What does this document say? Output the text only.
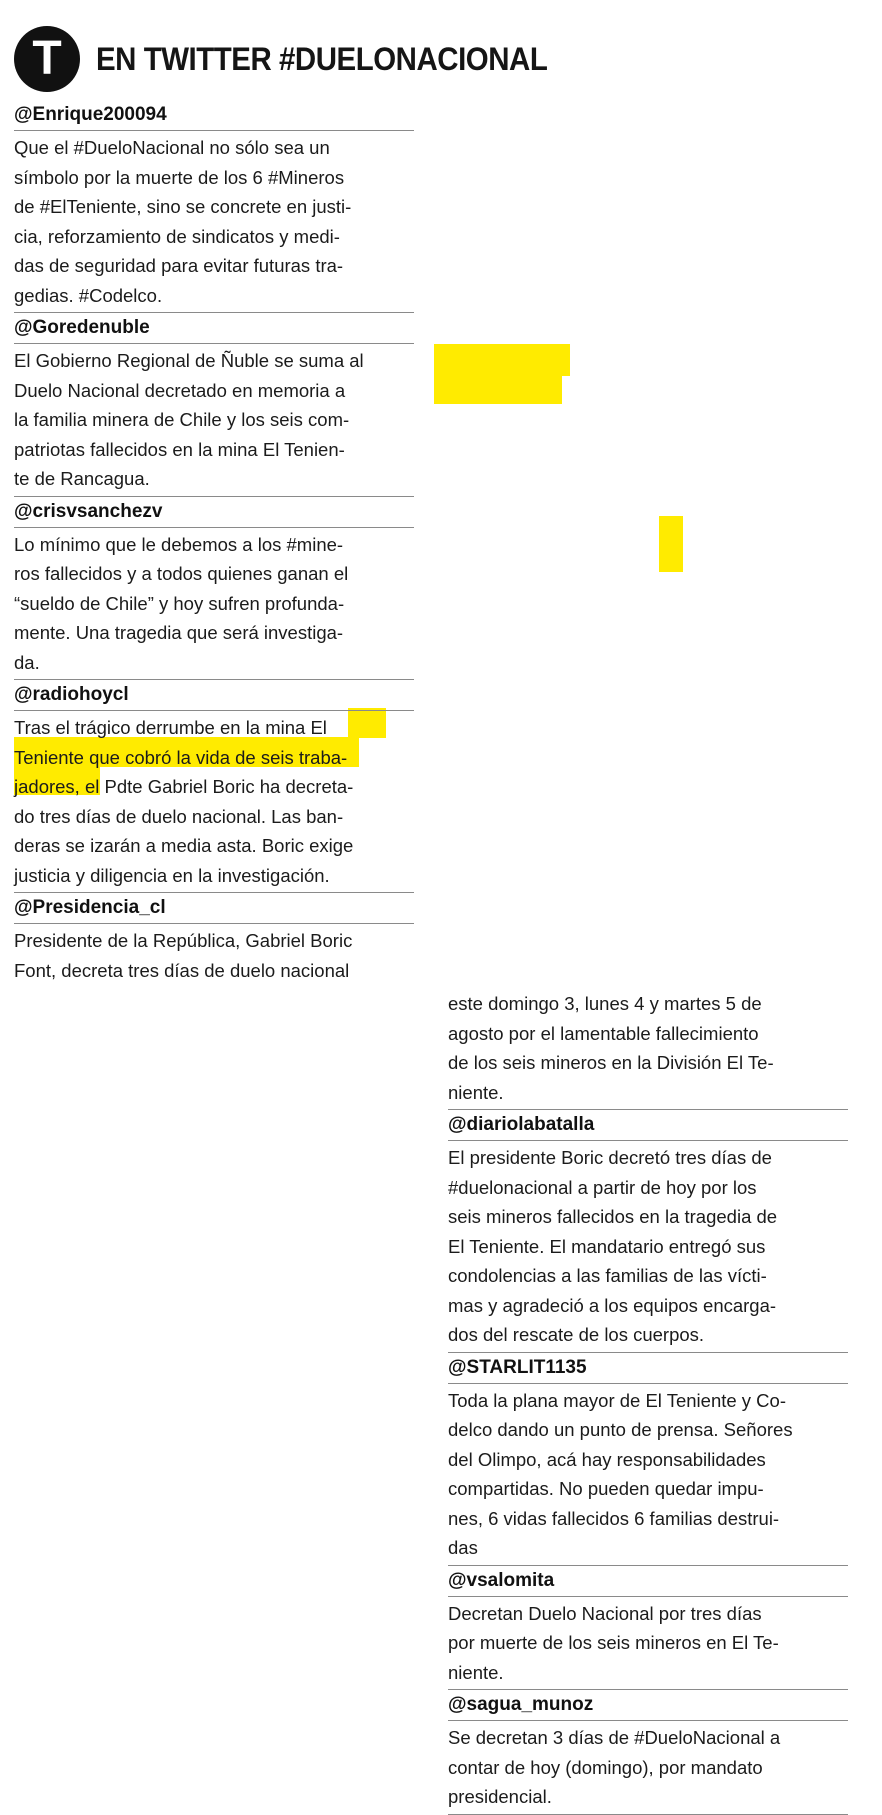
T	EN TWITTER #DUELONACIONAL
@Enrique200094

Que el #DueloNacional no sólo sea un
símbolo por la muerte de los 6 #Mineros
de #ElTeniente, sino se concrete en justi-
cia, reforzamiento de sindicatos y medi-
das de seguridad para evitar futuras tra-
gedias. #Codelco.

@Goredenuble

El Gobierno Regional de Ñuble se suma al
Duelo Nacional decretado en memoria a
la familia minera de Chile y los seis com-
patriotas fallecidos en la mina El Tenien-
te de Rancagua.

@crisvsanchezv

Lo mínimo que le debemos a los #mine-
ros fallecidos y a todos quienes ganan el
“sueldo de Chile” y hoy sufren profunda-
mente. Una tragedia que será investiga-
da.

@radiohoycl

Tras el trágico derrumbe en la mina El
Teniente que cobró la vida de seis traba-
jadores, el Pdte Gabriel Boric ha decreta-
do tres días de duelo nacional. Las ban-
deras se izarán a media asta. Boric exige
justicia y diligencia en la investigación.

@Presidencia_cl

Presidente de la República, Gabriel Boric
Font, decreta tres días de duelo nacional

este domingo 3, lunes 4 y martes 5 de
agosto por el lamentable fallecimiento
de los seis mineros en la División El Te-
niente.

@diariolabatalla

El presidente Boric decretó tres días de
#duelonacional a partir de hoy por los
seis mineros fallecidos en la tragedia de
El Teniente. El mandatario entregó sus
condolencias a las familias de las vícti-
mas y agradeció a los equipos encarga-
dos del rescate de los cuerpos.

@STARLIT1135

Toda la plana mayor de El Teniente y Co-
delco dando un punto de prensa. Señores
del Olimpo, acá hay responsabilidades
compartidas. No pueden quedar impu-
nes, 6 vidas fallecidos 6 familias destrui-
das

@vsalomita

Decretan Duelo Nacional por tres días
por muerte de los seis mineros en El Te-
niente.

@sagua_munoz

Se decretan 3 días de #DueloNacional a
contar de hoy (domingo), por mandato
presidencial.
